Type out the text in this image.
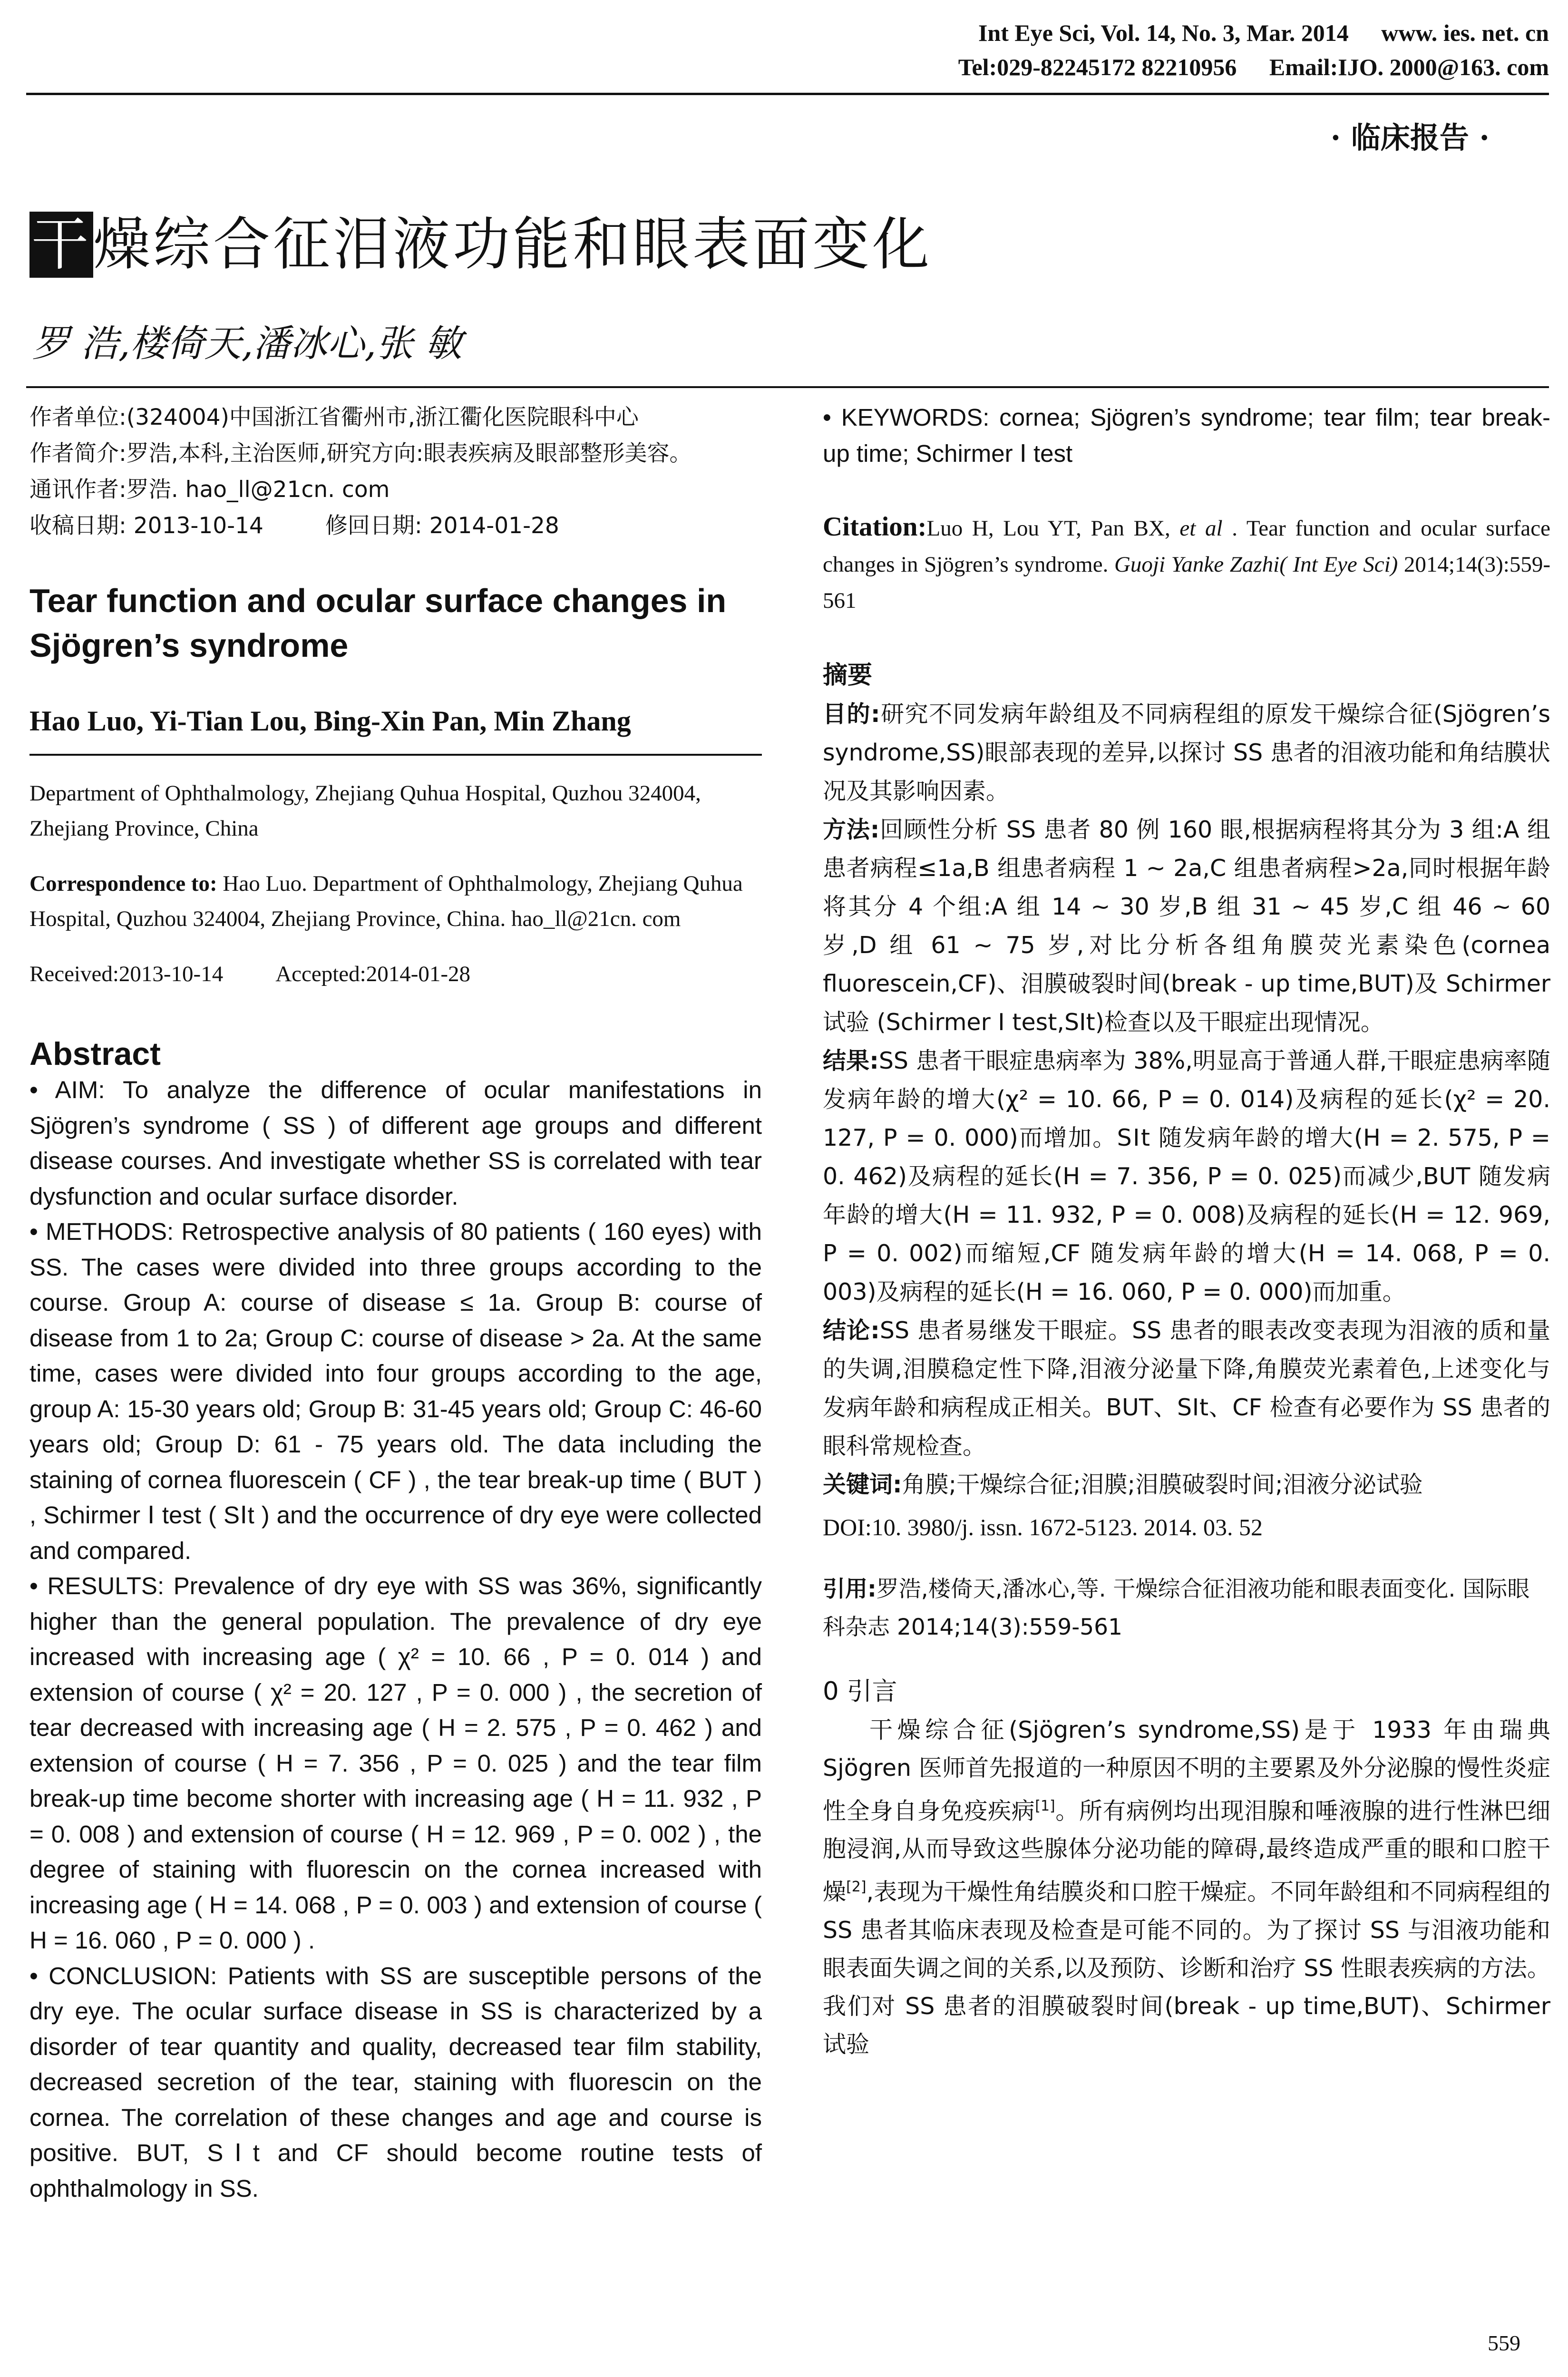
Int Eye Sci, Vol. 14, No. 3, Mar. 2014 www. ies. net. cn
Tel:029-82245172 82210956 Email:IJO. 2000@163. com
· 临床报告 ·
干燥综合征泪液功能和眼表面变化
罗 浩,楼倚天,潘冰心,张 敏
作者单位:(324004)中国浙江省衢州市,浙江衢化医院眼科中心
作者简介:罗浩,本科,主治医师,研究方向:眼表疾病及眼部整形美容。
通讯作者:罗浩. hao_ll@21cn. com
收稿日期: 2013-10-14	修回日期: 2014-01-28
Tear function and ocular surface changes in Sjögren’s syndrome
Hao Luo, Yi-Tian Lou, Bing-Xin Pan, Min Zhang
Department of Ophthalmology, Zhejiang Quhua Hospital, Quzhou 324004, Zhejiang Province, China
Correspondence to: Hao Luo. Department of Ophthalmology, Zhejiang Quhua Hospital, Quzhou 324004, Zhejiang Province, China. hao_ll@21cn. com
Received:2013-10-14 Accepted:2014-01-28
Abstract
• AIM: To analyze the difference of ocular manifestations in Sjögren’s syndrome ( SS ) of different age groups and different disease courses. And investigate whether SS is correlated with tear dysfunction and ocular surface disorder.
• METHODS: Retrospective analysis of 80 patients ( 160 eyes) with SS. The cases were divided into three groups according to the course. Group A: course of disease ≤ 1a. Group B: course of disease from 1 to 2a; Group C: course of disease > 2a. At the same time, cases were divided into four groups according to the age, group A: 15-30 years old; Group B: 31-45 years old; Group C: 46-60 years old; Group D: 61 - 75 years old. The data including the staining of cornea fluorescein ( CF ) , the tear break-up time ( BUT ) , Schirmer Ⅰ test ( SⅠt ) and the occurrence of dry eye were collected and compared.
• RESULTS: Prevalence of dry eye with SS was 36%, significantly higher than the general population. The prevalence of dry eye increased with increasing age ( χ² = 10. 66 , P = 0. 014 ) and extension of course ( χ² = 20. 127 , P = 0. 000 ) , the secretion of tear decreased with increasing age ( H = 2. 575 , P = 0. 462 ) and extension of course ( H = 7. 356 , P = 0. 025 ) and the tear film break-up time become shorter with increasing age ( H = 11. 932 , P = 0. 008 ) and extension of course ( H = 12. 969 , P = 0. 002 ) , the degree of staining with fluorescin on the cornea increased with increasing age ( H = 14. 068 , P = 0. 003 ) and extension of course ( H = 16. 060 , P = 0. 000 ) .
• CONCLUSION: Patients with SS are susceptible persons of the dry eye. The ocular surface disease in SS is characterized by a disorder of tear quantity and quality, decreased tear film stability, decreased secretion of the tear, staining with fluorescin on the cornea. The correlation of these changes and age and course is positive. BUT, SⅠt and CF should become routine tests of ophthalmology in SS.
• KEYWORDS: cornea; Sjögren’s syndrome; tear film; tear break-up time; Schirmer Ⅰ test
Citation:Luo H, Lou YT, Pan BX, et al . Tear function and ocular surface changes in Sjögren’s syndrome. Guoji Yanke Zazhi( Int Eye Sci) 2014;14(3):559-561
摘要
目的:研究不同发病年龄组及不同病程组的原发干燥综合征(Sjögren’s syndrome,SS)眼部表现的差异,以探讨 SS 患者的泪液功能和角结膜状况及其影响因素。
方法:回顾性分析 SS 患者 80 例 160 眼,根据病程将其分为 3 组:A 组患者病程≤1a,B 组患者病程 1 ~ 2a,C 组患者病程>2a,同时根据年龄将其分 4 个组:A 组 14 ~ 30 岁,B 组 31 ~ 45 岁,C 组 46 ~ 60 岁,D 组 61 ~ 75 岁,对比分析各组角膜荧光素染色(cornea fluorescein,CF)、泪膜破裂时间(break - up time,BUT)及 Schirmer 试验 (Schirmer Ⅰ test,SⅠt)检查以及干眼症出现情况。
结果:SS 患者干眼症患病率为 38%,明显高于普通人群,干眼症患病率随发病年龄的增大(χ² = 10. 66, P = 0. 014)及病程的延长(χ² = 20. 127, P = 0. 000)而增加。SⅠt 随发病年龄的增大(H = 2. 575, P = 0. 462)及病程的延长(H = 7. 356, P = 0. 025)而减少,BUT 随发病年龄的增大(H = 11. 932, P = 0. 008)及病程的延长(H = 12. 969, P = 0. 002)而缩短,CF 随发病年龄的增大(H = 14. 068, P = 0. 003)及病程的延长(H = 16. 060, P = 0. 000)而加重。
结论:SS 患者易继发干眼症。SS 患者的眼表改变表现为泪液的质和量的失调,泪膜稳定性下降,泪液分泌量下降,角膜荧光素着色,上述变化与发病年龄和病程成正相关。BUT、SⅠt、CF 检查有必要作为 SS 患者的眼科常规检查。
关键词:角膜;干燥综合征;泪膜;泪膜破裂时间;泪液分泌试验
DOI:10. 3980/j. issn. 1672-5123. 2014. 03. 52
引用:罗浩,楼倚天,潘冰心,等. 干燥综合征泪液功能和眼表面变化. 国际眼科杂志 2014;14(3):559-561
0 引言
干燥综合征(Sjögren’s syndrome,SS)是于 1933 年由瑞典 Sjögren 医师首先报道的一种原因不明的主要累及外分泌腺的慢性炎症性全身自身免疫疾病[1]。所有病例均出现泪腺和唾液腺的进行性淋巴细胞浸润,从而导致这些腺体分泌功能的障碍,最终造成严重的眼和口腔干燥[2],表现为干燥性角结膜炎和口腔干燥症。不同年龄组和不同病程组的 SS 患者其临床表现及检查是可能不同的。为了探讨 SS 与泪液功能和眼表面失调之间的关系,以及预防、诊断和治疗 SS 性眼表疾病的方法。我们对 SS 患者的泪膜破裂时间(break - up time,BUT)、Schirmer 试验
559
